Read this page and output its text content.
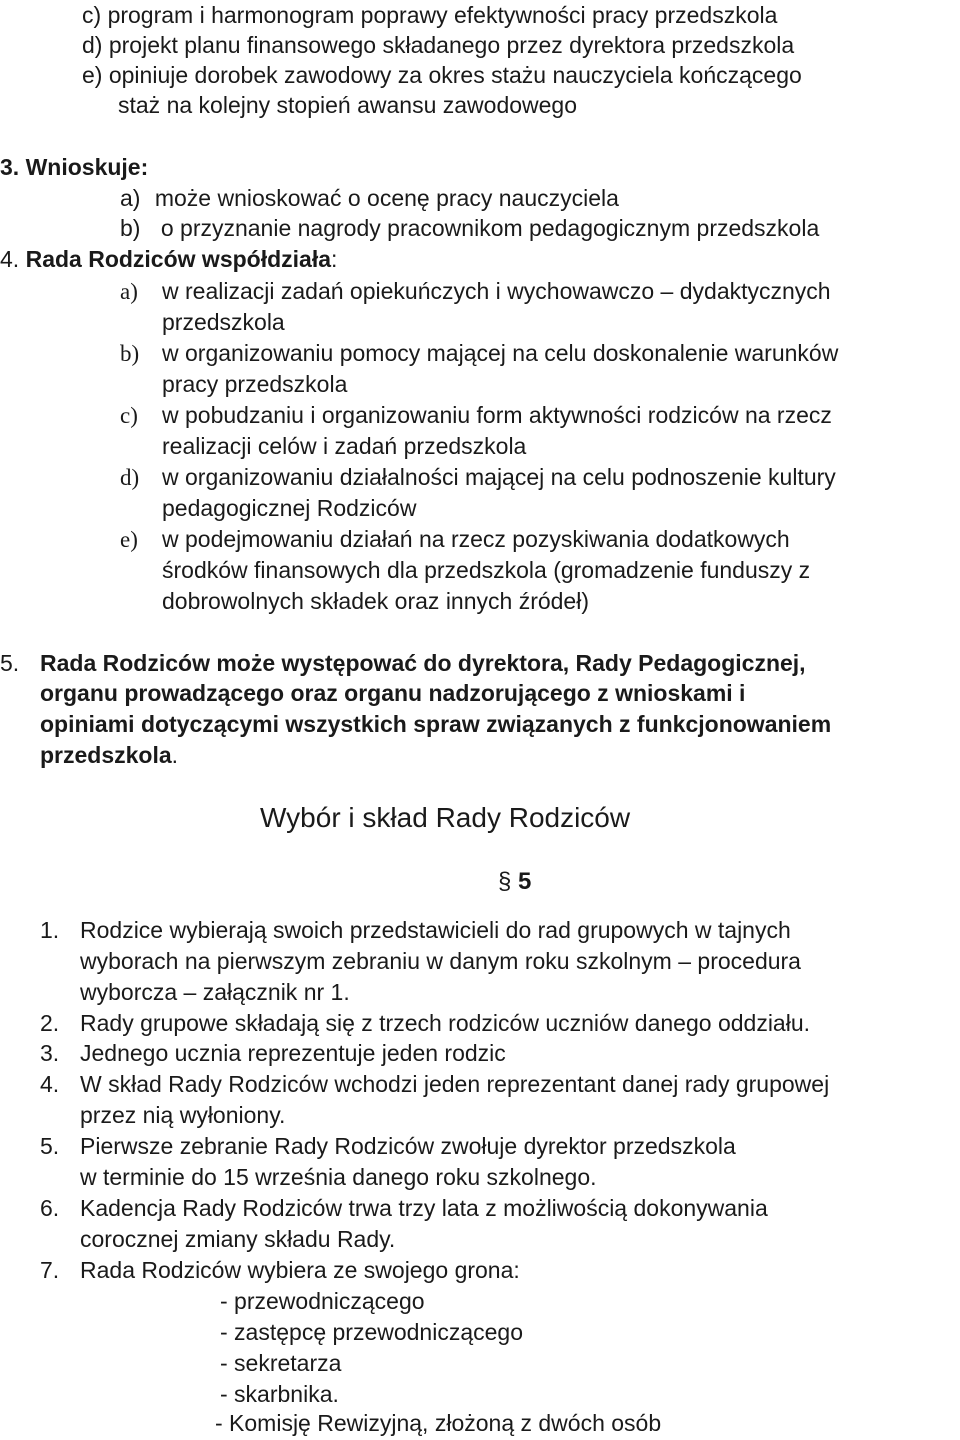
c) program i harmonogram poprawy efektywności pracy przedszkola
d) projekt planu finansowego składanego przez dyrektora przedszkola
e) opiniuje dorobek zawodowy za okres stażu nauczyciela kończącego
staż na kolejny stopień awansu zawodowego
3. Wnioskuje:
a) może wnioskować o ocenę pracy nauczyciela
b) o przyznanie nagrody pracownikom pedagogicznym przedszkola
4. Rada Rodziców współdziała:
a) w realizacji zadań opiekuńczych i wychowawczo – dydaktycznych
przedszkola
b) w organizowaniu pomocy mającej na celu doskonalenie warunków
pracy przedszkola
c) w pobudzaniu i organizowaniu form aktywności rodziców na rzecz
realizacji celów i zadań przedszkola
d) w organizowaniu działalności mającej na celu podnoszenie kultury
pedagogicznej Rodziców
e) w podejmowaniu działań na rzecz pozyskiwania dodatkowych
środków finansowych dla przedszkola (gromadzenie funduszy z
dobrowolnych składek oraz innych źródeł)
5. Rada Rodziców może występować do dyrektora, Rady Pedagogicznej,
organu prowadzącego oraz organu nadzorującego z wnioskami i
opiniami dotyczącymi wszystkich spraw związanych z funkcjonowaniem
przedszkola.
Wybór i skład Rady Rodziców
§ 5
1. Rodzice wybierają swoich przedstawicieli do rad grupowych w tajnych
wyborach na pierwszym zebraniu w danym roku szkolnym – procedura
wyborcza – załącznik nr 1.
2. Rady grupowe składają się z trzech rodziców uczniów danego oddziału.
3. Jednego ucznia reprezentuje jeden rodzic
4. W skład Rady Rodziców wchodzi jeden reprezentant danej rady grupowej
przez nią wyłoniony.
5. Pierwsze zebranie Rady Rodziców zwołuje dyrektor przedszkola
w terminie do 15 września danego roku szkolnego.
6. Kadencja Rady Rodziców trwa trzy lata z możliwością dokonywania
corocznej zmiany składu Rady.
7. Rada Rodziców wybiera ze swojego grona:
- przewodniczącego
- zastępcę przewodniczącego
- sekretarza
- skarbnika.
- Komisję Rewizyjną, złożoną z dwóch osób
